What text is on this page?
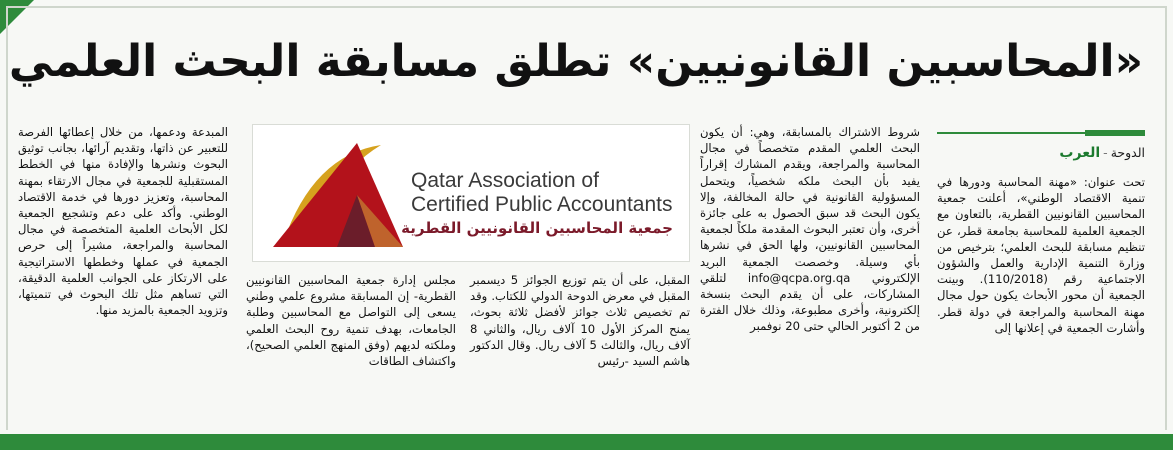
«المحاسبين القانونيين» تطلق مسابقة البحث العلمي
الدوحة-العرب

تحت عنوان: «مهنة المحاسبة ودورها في تنمية الاقتصاد الوطني»، أعلنت جمعية المحاسبين القانونيين القطرية، بالتعاون مع الجمعية العلمية للمحاسبة بجامعة قطر، عن تنظيم مسابقة للبحث العلمي؛ بترخيص من وزارة التنمية الإدارية والعمل والشؤون الاجتماعية رقم (110/2018). وبينت الجمعية أن محور الأبحاث يكون حول مجال مهنة المحاسبة والمراجعة في دولة قطر. وأشارت الجمعية في إعلانها إلى

شروط الاشتراك بالمسابقة، وهي: أن يكون البحث العلمي المقدم متخصصاً في مجال المحاسبة والمراجعة، ويقدم المشارك إقراراً يفيد بأن البحث ملكه شخصياً، ويتحمل المسؤولية القانونية في حالة المخالفة، وإلا يكون البحث قد سبق الحصول به على جائزة أخرى، وأن تعتبر البحوث المقدمة ملكاً لجمعية المحاسبين القانونيين، ولها الحق في نشرها بأي وسيلة. وخصصت الجمعية البريد الإلكتروني info@qcpa.org.qa لتلقي المشاركات، على أن يقدم البحث بنسخة إلكترونية، وأخرى مطبوعة، وذلك خلال الفترة من 2 أكتوبر الحالي حتى 20 نوفمبر

Qatar Association of
Certified Public Accountants
جمعية المحاسبين القانونيين القطرية

المقبل، على أن يتم توزيع الجوائز 5 ديسمبر المقبل في معرض الدوحة الدولي للكتاب. وقد تم تخصيص ثلاث جوائز لأفضل ثلاثة بحوث، يمنح المركز الأول 10 آلاف ريال، والثاني 8 آلاف ريال، والثالث 5 آلاف ريال. وقال الدكتور هاشم السيد -رئيس

مجلس إدارة جمعية المحاسبين القانونيين القطرية- إن المسابقة مشروع علمي وطني يسعى إلى التواصل مع المحاسبين وطلبة الجامعات، بهدف تنمية روح البحث العلمي وملكته لديهم (وفق المنهج العلمي الصحيح)، واكتشاف الطاقات

المبدعة ودعمها، من خلال إعطائها الفرصة للتعبير عن ذاتها، وتقديم آرائها، بجانب توثيق البحوث ونشرها والإفادة منها في الخطط المستقبلية للجمعية في مجال الارتقاء بمهنة المحاسبة، وتعزيز دورها في خدمة الاقتصاد الوطني. وأكد على دعم وتشجيع الجمعية لكل الأبحاث العلمية المتخصصة في مجال المحاسبة والمراجعة، مشيراً إلى حرص الجمعية في عملها وخططها الاستراتيجية على الارتكاز على الجوانب العلمية الدقيقة، التي تساهم مثل تلك البحوث في تنميتها، وتزويد الجمعية بالمزيد منها.
